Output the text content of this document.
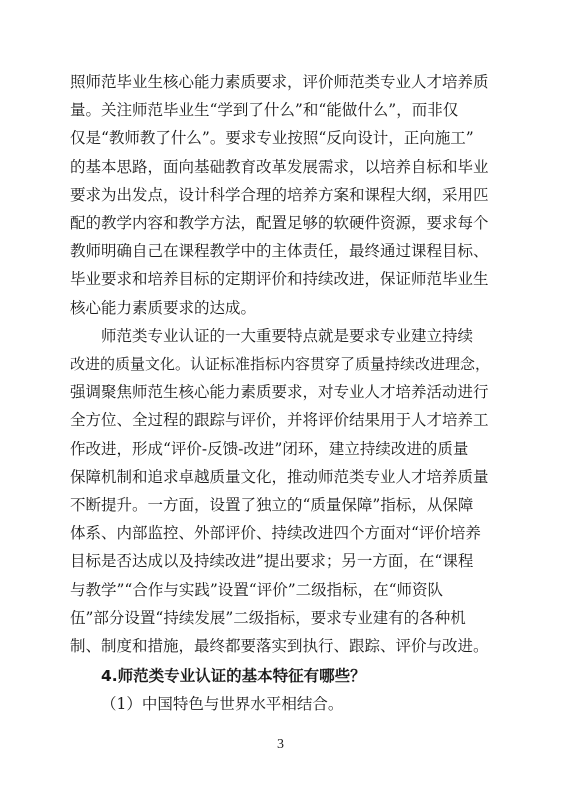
照师范毕业生核心能力素质要求，评价师范类专业人才培养质
量。关注师范毕业生“学到了什么”和“能做什么”，而非仅
仅是“教师教了什么”。要求专业按照“反向设计，正向施工”
的基本思路，面向基础教育改革发展需求，以培养自标和毕业
要求为出发点，设计科学合理的培养方案和课程大纲，采用匹
配的教学内容和教学方法，配置足够的软硬件资源，要求每个
教师明确自己在课程教学中的主体责任，最终通过课程目标、
毕业要求和培养目标的定期评价和持续改进，保证师范毕业生
核心能力素质要求的达成。
师范类专业认证的一大重要特点就是要求专业建立持续
改进的质量文化。认证标准指标内容贯穿了质量持续改进理念，
强调聚焦师范生核心能力素质要求，对专业人才培养活动进行
全方位、全过程的跟踪与评价，并将评价结果用于人才培养工
作改进，形成“评价-反馈-改进”闭环，建立持续改进的质量
保障机制和追求卓越质量文化，推动师范类专业人才培养质量
不断提升。一方面，设置了独立的“质量保障”指标，从保障
体系、内部监控、外部评价、持续改进四个方面对“评价培养
目标是否达成以及持续改进”提出要求；另一方面，在“课程
与教学”“合作与实践”设置“评价”二级指标，在“师资队
伍”部分设置“持续发展”二级指标，要求专业建有的各种机
制、制度和措施，最终都要落实到执行、跟踪、评价与改进。
3
4.师范类专业认证的基本特征有哪些？
（1）中国特色与世界水平相结合。
